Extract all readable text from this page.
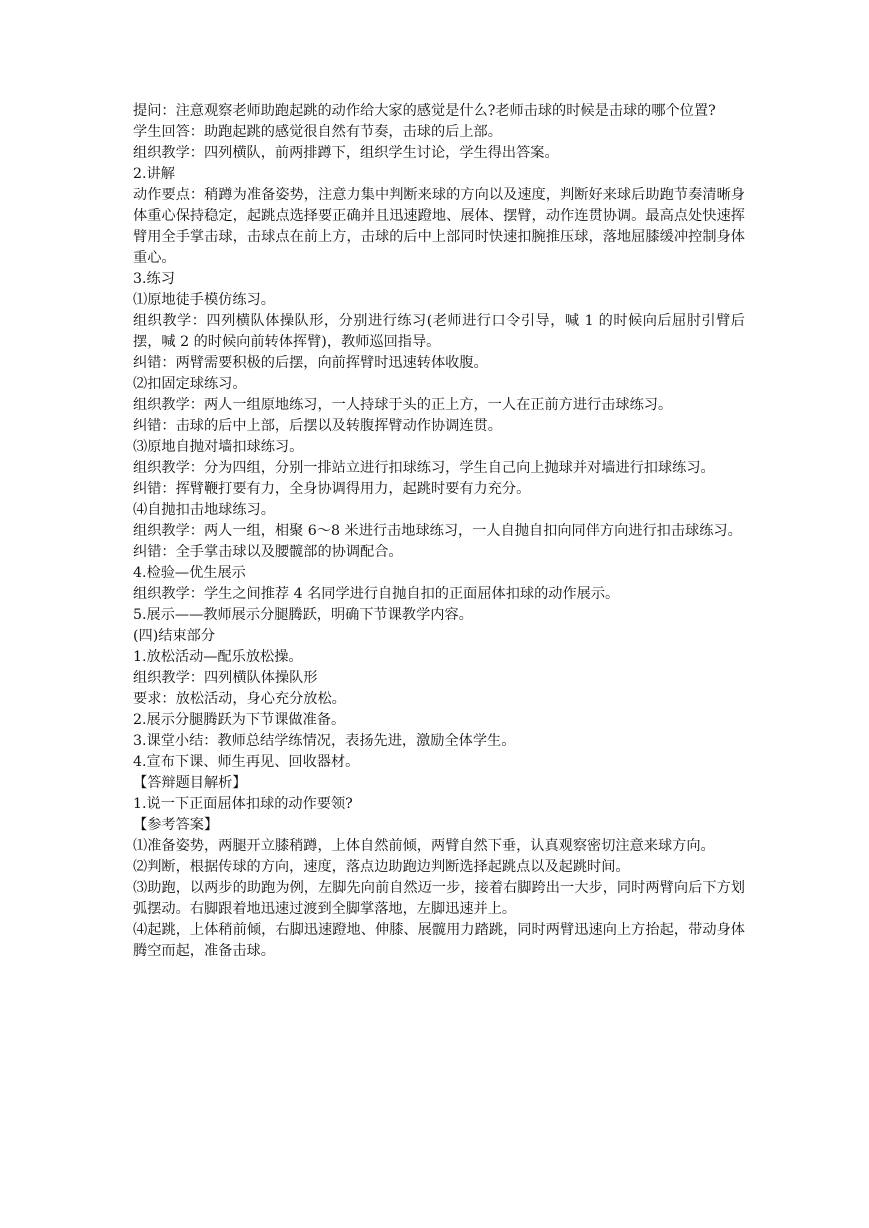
提问：注意观察老师助跑起跳的动作给大家的感觉是什么?老师击球的时候是击球的哪个位置?

学生回答：助跑起跳的感觉很自然有节奏，击球的后上部。

组织教学：四列横队，前两排蹲下，组织学生讨论，学生得出答案。

2.讲解

动作要点：稍蹲为准备姿势，注意力集中判断来球的方向以及速度，判断好来球后助跑节奏清晰身体重心保持稳定，起跳点选择要正确并且迅速蹬地、展体、摆臂，动作连贯协调。最高点处快速挥臂用全手掌击球，击球点在前上方，击球的后中上部同时快速扣腕推压球，落地屈膝缓冲控制身体重心。

3.练习

⑴原地徒手模仿练习。

组织教学：四列横队体操队形，分别进行练习(老师进行口令引导，喊 1 的时候向后屈肘引臂后摆，喊 2 的时候向前转体挥臂)，教师巡回指导。

纠错：两臂需要积极的后摆，向前挥臂时迅速转体收腹。

⑵扣固定球练习。

组织教学：两人一组原地练习，一人持球于头的正上方，一人在正前方进行击球练习。

纠错：击球的后中上部，后摆以及转腹挥臂动作协调连贯。

⑶原地自抛对墙扣球练习。

组织教学：分为四组，分别一排站立进行扣球练习，学生自己向上抛球并对墙进行扣球练习。

纠错：挥臂鞭打要有力，全身协调得用力，起跳时要有力充分。

⑷自抛扣击地球练习。

组织教学：两人一组，相聚 6～8 米进行击地球练习，一人自抛自扣向同伴方向进行扣击球练习。

纠错：全手掌击球以及腰髋部的协调配合。

4.检验—优生展示

组织教学：学生之间推荐 4 名同学进行自抛自扣的正面屈体扣球的动作展示。

5.展示——教师展示分腿腾跃，明确下节课教学内容。

(四)结束部分

1.放松活动—配乐放松操。

组织教学：四列横队体操队形

要求：放松活动，身心充分放松。

2.展示分腿腾跃为下节课做准备。

3.课堂小结：教师总结学练情况，表扬先进，激励全体学生。

4.宣布下课、师生再见、回收器材。

【答辩题目解析】

1.说一下正面屈体扣球的动作要领?

【参考答案】

⑴准备姿势，两腿开立膝稍蹲，上体自然前倾，两臂自然下垂，认真观察密切注意来球方向。

⑵判断，根据传球的方向，速度，落点边助跑边判断选择起跳点以及起跳时间。

⑶助跑，以两步的助跑为例，左脚先向前自然迈一步，接着右脚跨出一大步，同时两臂向后下方划弧摆动。右脚跟着地迅速过渡到全脚掌落地，左脚迅速并上。

⑷起跳，上体稍前倾，右脚迅速蹬地、伸膝、展髋用力踏跳，同时两臂迅速向上方抬起，带动身体腾空而起，准备击球。
